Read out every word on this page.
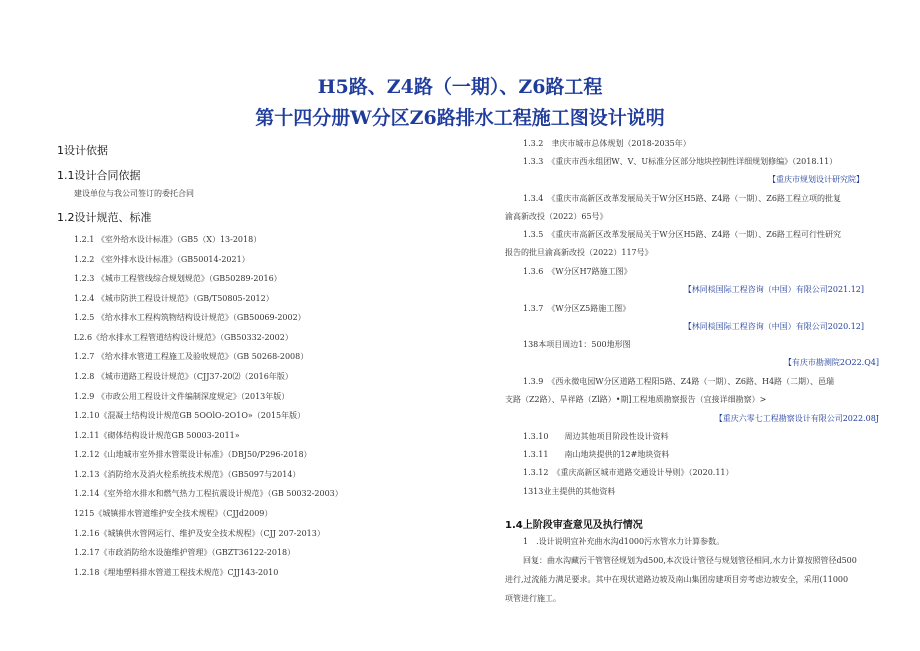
H5路、Z4路（一期）、Z6路工程
第十四分册W分区Z6路排水工程施工图设计说明
1设计依据
1.1设计合同依据
建设单位与我公司签订的委托合同
1.2设计规范、标准
1.2.1 《室外给水设计标准》（GB5（X）13-2018）
1.2.2 《室外排水设计标准》（GB50014-2021）
1.2.3 《城市工程管线综合规划规范》（GB50289-2016）
1.2.4 《城市防洪工程设计规范》（GB/T50805-2012）
1.2.5 《给水排水工程构筑物结构设计规范》（GB50069-2002）
L2.6《给水排水工程管道结构设计规范》（GB50332-2002）
1.2.7 《给水排水管道工程施工及验收规范》（GB 50268-2008）
1.2.8 《城市道路工程设计规范》（CJJ37-20⑵（2016年版）
1.2.9 《市政公用工程设计文件编制深度规定》（2013年版）
1.2.10《混凝土结构设计规范GB 5OOlO-2O1O»（2015年版）
1.2.11《砌体结构设计规范GB 50003-2011»
1.2.12《山地城市室外排水管渠设计标准》（DBJ50/P296-2018）
1.2.13《消防给水及消火栓系统技术规范》（GB5097与2014）
1.2.14《室外给水排水和燃气热力工程抗震设计规范》（GB 50032-2003）
1215《城镇排水管道维护安全技术规程》（CJJd2009）
1.2.16《城镇供水管网运行、维护及安全技术规程》（CJJ 207-2013）
1.2.17《市政消防给水设施维护管理》（GBZT36122-2018）
1.2.18《埋地塑料排水管道工程技术规范》CJJ143-2010
1.3.2　聿庆市城市总体规划（2018-2035年）
1.3.3　《重庆市西永组团W、V、U标准分区部分地块控制性详细规划修编》（2018.11）
【重庆市规划设计研究院】
1.3.4　《重庆市高新区改革发展局关于W分区H5路、Z4路（一期）、Z6路工程立项的批复
渝高新改投（2022）65号》
1.3.5　《重庆市高新区改革发展局关于W分区H5路、Z4路（一期）、Z6路工程可行性研究
报告的批旦渝高新改投（2022）117号》
1.3.6　《W分区H7路施工图》
【林同棪国际工程咨询（中国）有限公司2021.12]
1.3.7　《W分区Z5路施工图》
【林同棪国际工程咨询（中国）有限公司2020.12]
138本项目周边1：500地形图
【有庆市勘测院2O22.Q4]
1.3.9　《西永微电园W分区道路工程阳5路、Z4路（一期）、Z6路、H4路（二期）、邑瑞
支路（Z2路）、旱祥路（Zl路）•期]工程地质勘察报告（宜接详细勘察）>
【重庆六零七工程勘察设计有限公司2022.08J
1.3.10　　周边其他项目阶段性设计资料
1.3.11　　南山地块提供的12#地块资料
1.3.12　《重庆高新区城市道路交通设计导则》（2020.11）
1313业主提供的其他资料
1.4上阶段审查意见及执行情况
1　.设计说明宜补充曲水沟d1000污水管水力计算参数。
回复：曲水沟藏污干管管径规划为d500,本次设计管径与规划管径相同,水力计算按照管径d500
进行,过流能力满足要求。其中在现状道路边坡及南山集团房建项目旁考虑边坡安全，采用(11000
项管进行施工。
